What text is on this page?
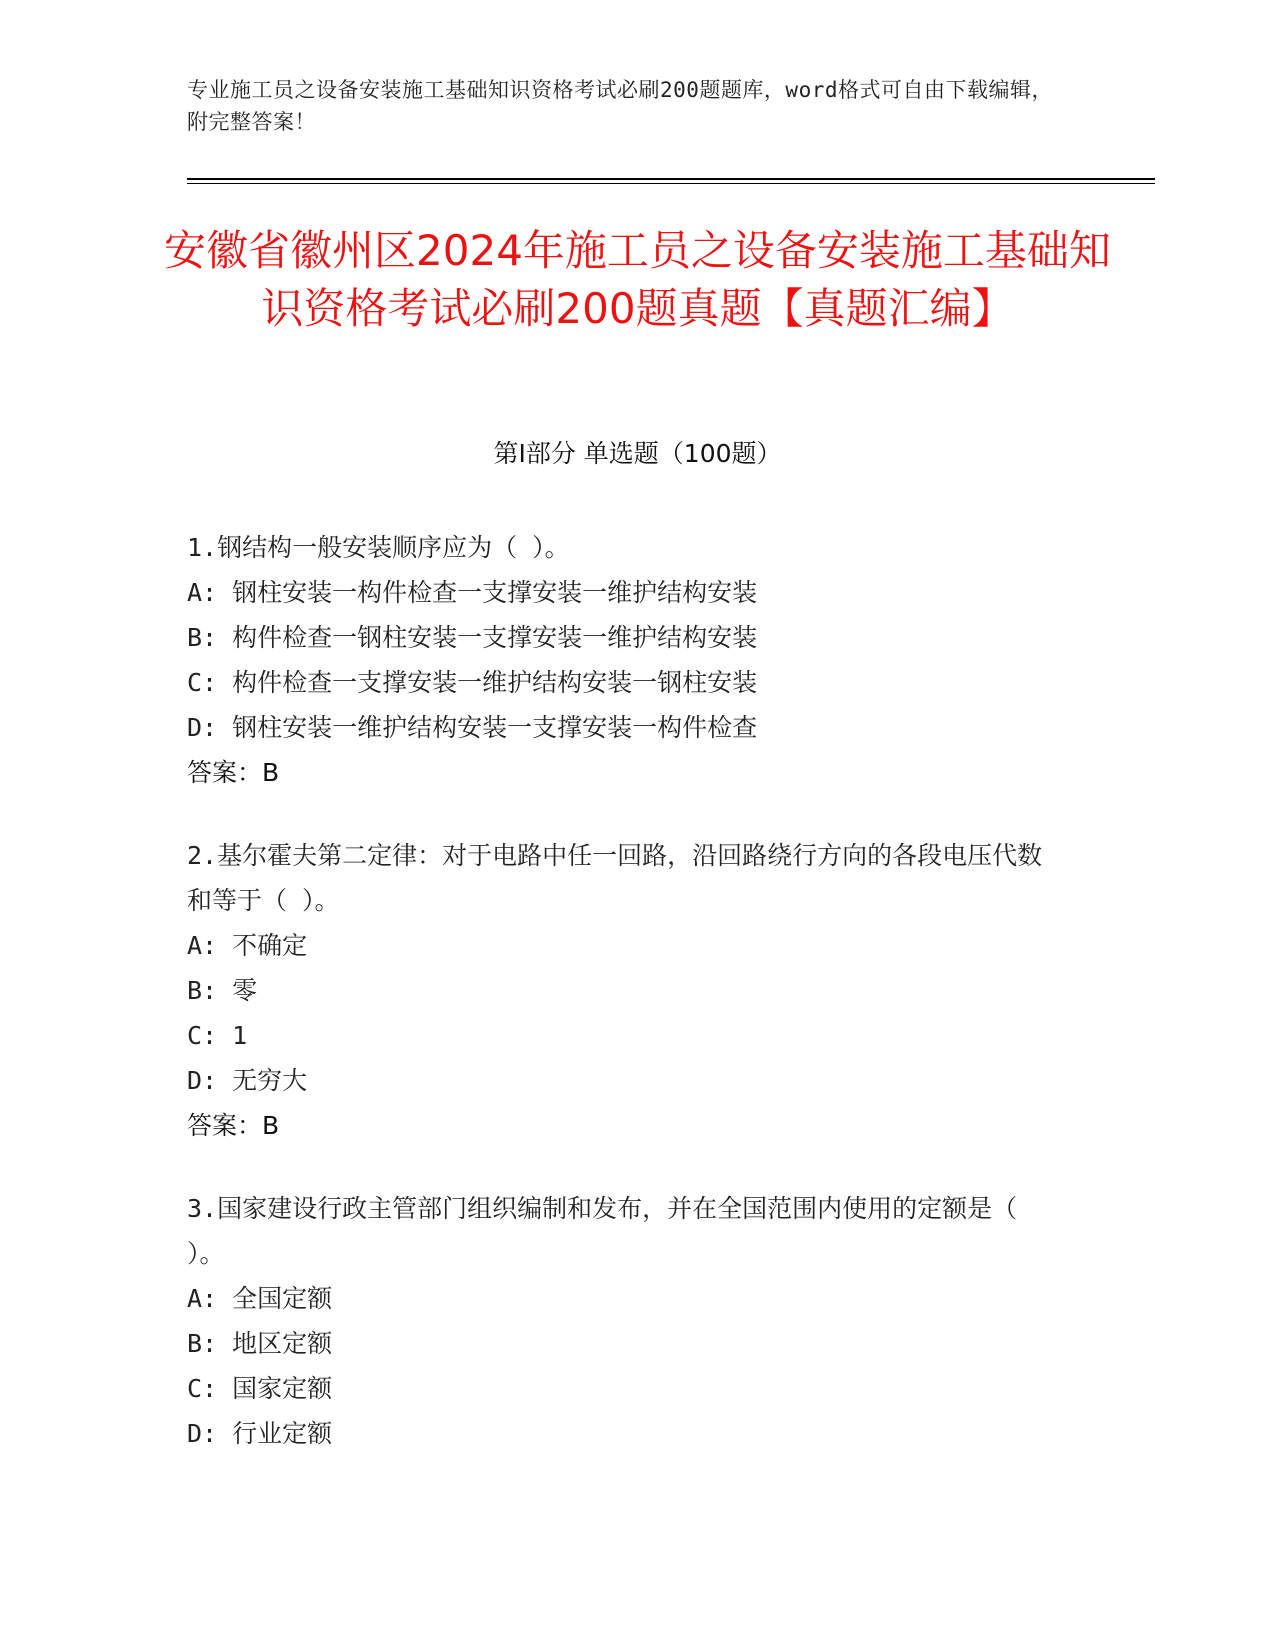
专业施工员之设备安装施工基础知识资格考试必刷200题题库，word格式可自由下载编辑，附完整答案！
安徽省徽州区2024年施工员之设备安装施工基础知识资格考试必刷200题真题【真题汇编】
第Ⅰ部分 单选题（100题）
1.钢结构一般安装顺序应为（ ）。
A: 钢柱安装一构件检查一支撑安装一维护结构安装
B: 构件检查一钢柱安装一支撑安装一维护结构安装
C: 构件检查一支撑安装一维护结构安装一钢柱安装
D: 钢柱安装一维护结构安装一支撑安装一构件检查
答案：B
2.基尔霍夫第二定律：对于电路中任一回路，沿回路绕行方向的各段电压代数和等于（ ）。
A: 不确定
B: 零
C: 1
D: 无穷大
答案：B
3.国家建设行政主管部门组织编制和发布，并在全国范围内使用的定额是（ ）。
A: 全国定额
B: 地区定额
C: 国家定额
D: 行业定额
